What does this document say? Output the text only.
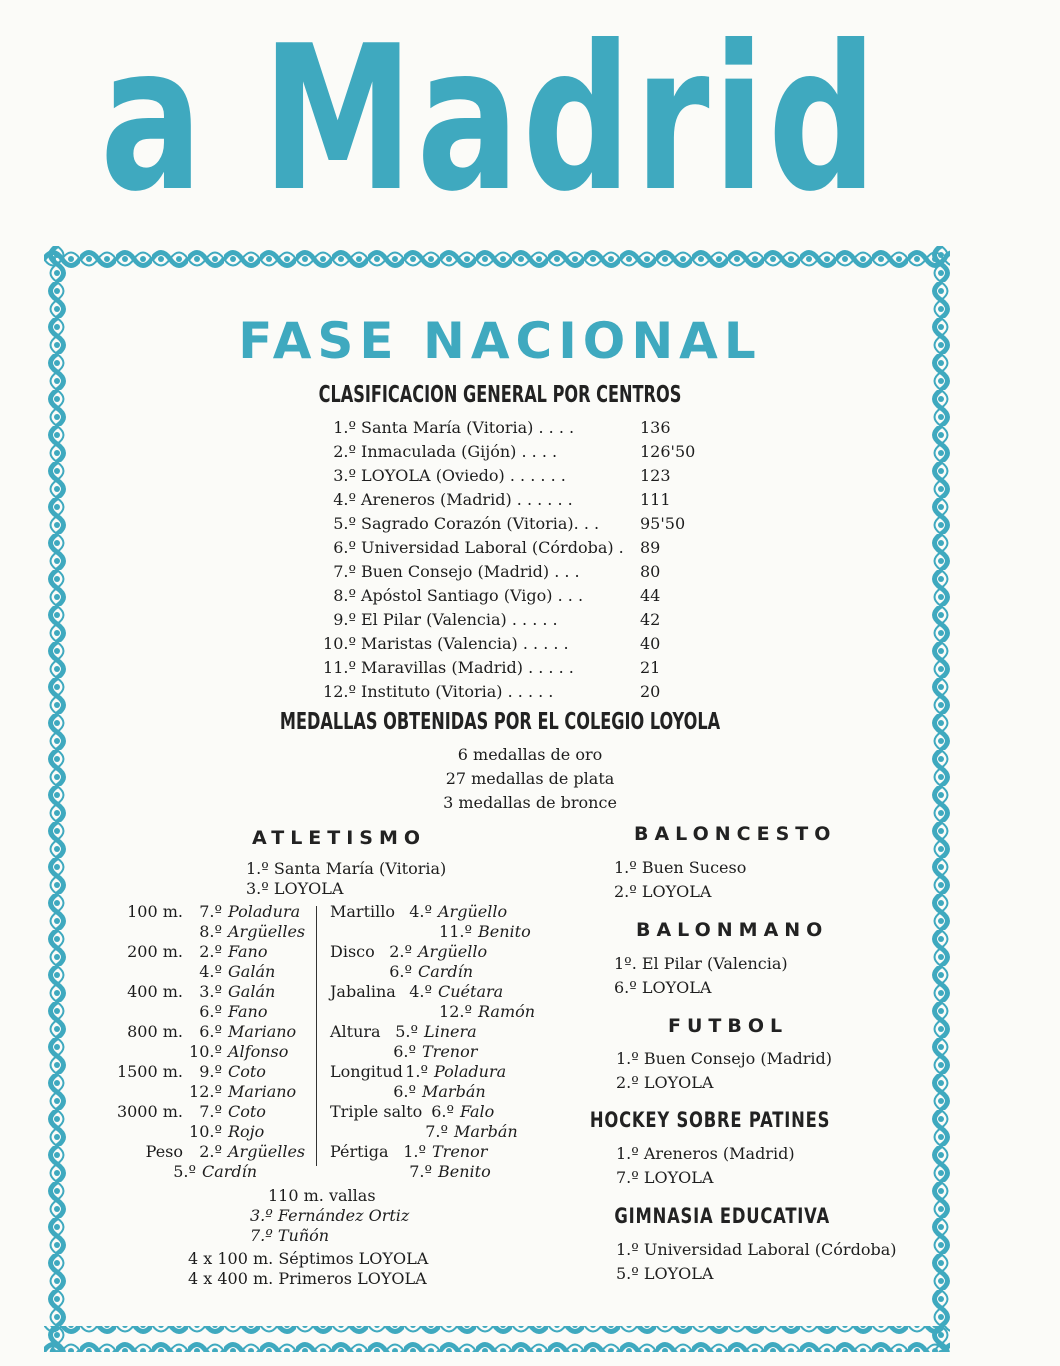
a Madrid
FASE NACIONAL
CLASIFICACION GENERAL POR CENTROS
1.º Santa María (Vitoria) . . . .	136
2.º Inmaculada (Gijón) . . . .	126'50
3.º LOYOLA (Oviedo) . . . . . .	123
4.º Areneros (Madrid) . . . . . .	111
5.º Sagrado Corazón (Vitoria). . .	95'50
6.º Universidad Laboral (Córdoba) . 89
7.º Buen Consejo (Madrid) . . .	80
8.º Apóstol Santiago (Vigo) . . .	44
9.º El Pilar (Valencia) . . . . .	42
10.º Maristas (Valencia) . . . . .	40
11.º Maravillas (Madrid) . . . . .	21
12.º Instituto (Vitoria) . . . . .	20
MEDALLAS OBTENIDAS POR EL COLEGIO LOYOLA
6 medallas de oro
27 medallas de plata
3 medallas de bronce
ATLETISMO
1.º Santa María (Vitoria)
3.º LOYOLA
100 m.	7.º Poladura
8.º Argüelles
200 m.	2.º Fano
4.º Galán
400 m.	3.º Galán
6.º Fano
800 m.	6.º Mariano
10.º Alfonso
1500 m.	9.º Coto
12.º Mariano
3000 m.	7.º Coto
10.º Rojo
Peso	2.º Argüelles
5.º Cardín
Martillo 4.º Argüello
11.º Benito
Disco 2.º Argüello
6.º Cardín
Jabalina 4.º Cuétara
12.º Ramón
Altura 5.º Linera
6.º Trenor
Longitud 1.º Poladura
6.º Marbán
Triple salto 6.º Falo
7.º Marbán
Pértiga 1.º Trenor
7.º Benito
110 m. vallas
3.º Fernández Ortiz
7.º Tuñón
4 x 100 m. Séptimos LOYOLA
4 x 400 m. Primeros LOYOLA
BALONCESTO
1.º Buen Suceso
2.º LOYOLA
BALONMANO
1º. El Pilar (Valencia)
6.º LOYOLA
FUTBOL
1.º Buen Consejo (Madrid)
2.º LOYOLA
HOCKEY SOBRE PATINES
1.º Areneros (Madrid)
7.º LOYOLA
GIMNASIA EDUCATIVA
1.º Universidad Laboral (Córdoba)
5.º LOYOLA
